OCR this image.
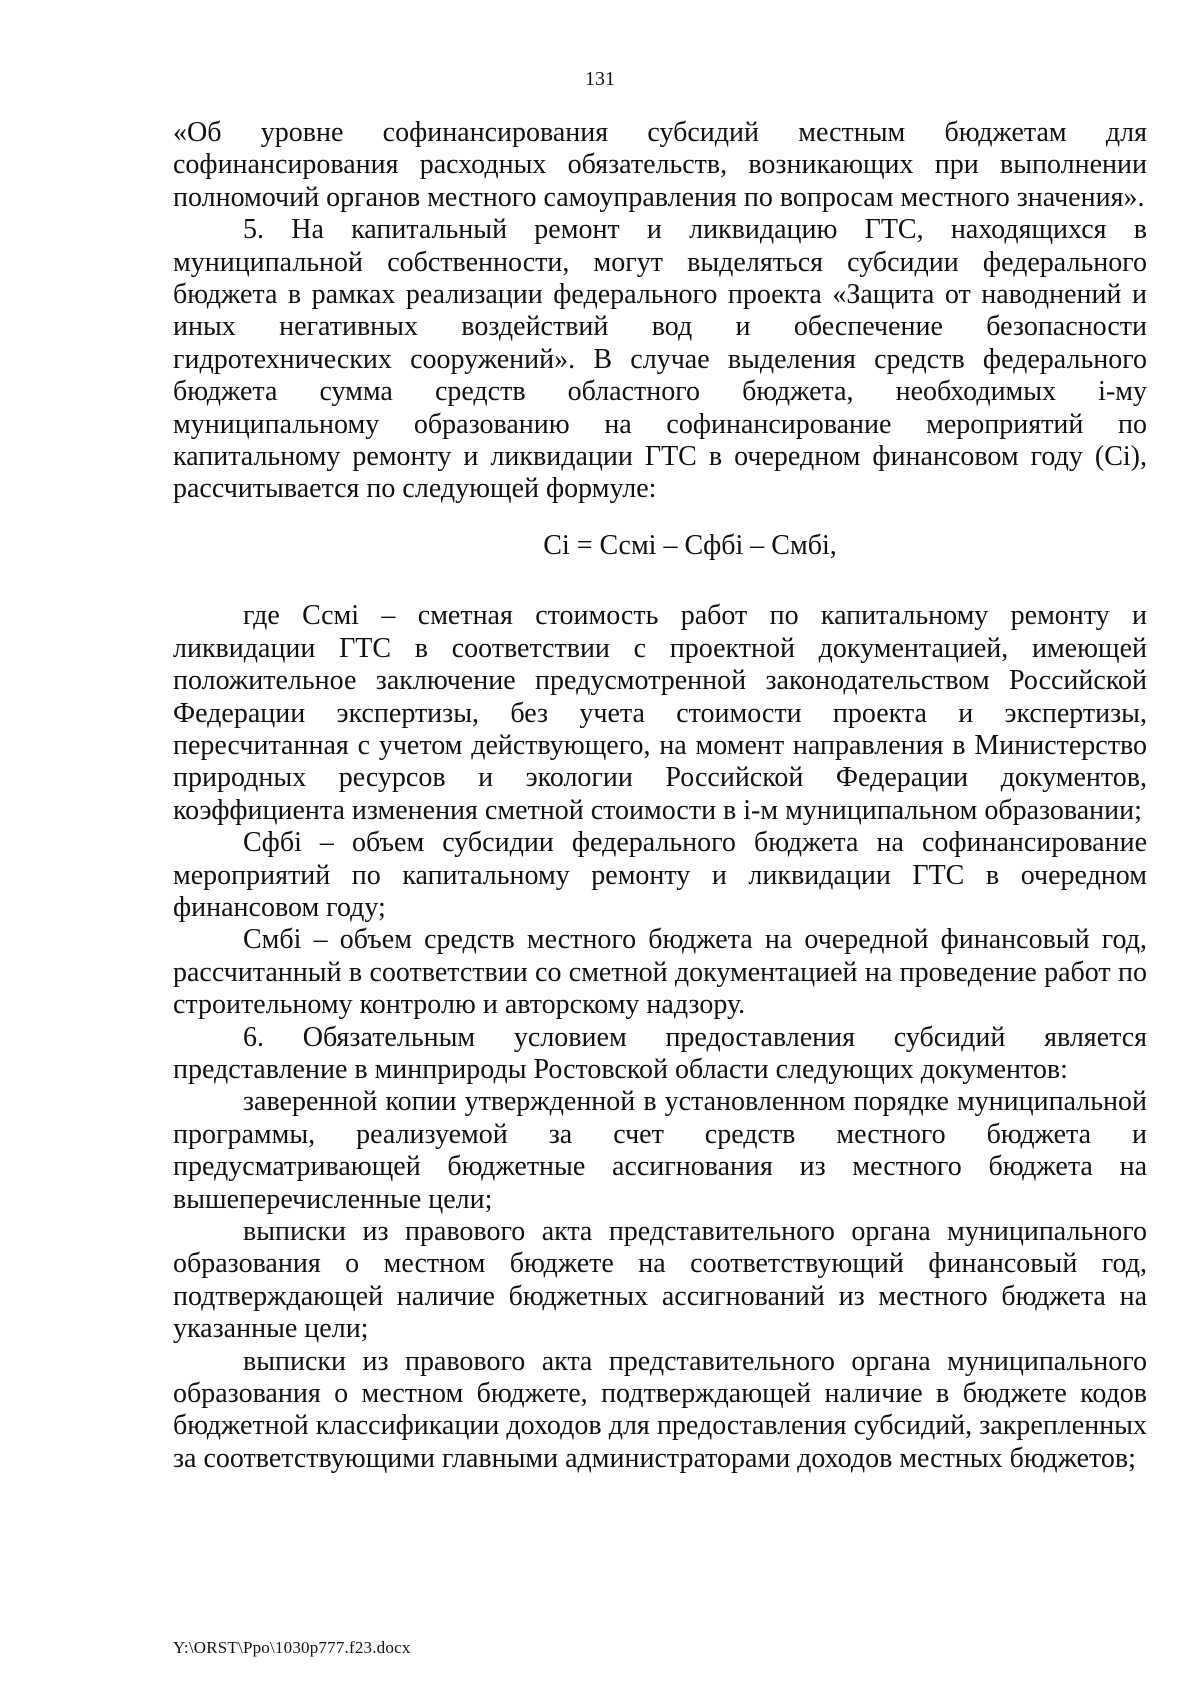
131

«Об уровне софинансирования субсидий местным бюджетам для софинансирования расходных обязательств, возникающих при выполнении полномочий органов местного самоуправления по вопросам местного значения».

5. На капитальный ремонт и ликвидацию ГТС, находящихся в муниципальной собственности, могут выделяться субсидии федерального бюджета в рамках реализации федерального проекта «Защита от наводнений и иных негативных воздействий вод и обеспечение безопасности гидротехнических сооружений». В случае выделения средств федерального бюджета сумма средств областного бюджета, необходимых i-му муниципальному образованию на софинансирование мероприятий по капитальному ремонту и ликвидации ГТС в очередном финансовом году (Сi), рассчитывается по следующей формуле:

Сi = Ссмi – Сфбi – Смбi,

где Ссмi – сметная стоимость работ по капитальному ремонту и ликвидации ГТС в соответствии с проектной документацией, имеющей положительное заключение предусмотренной законодательством Российской Федерации экспертизы, без учета стоимости проекта и экспертизы, пересчитанная с учетом действующего, на момент направления в Министерство природных ресурсов и экологии Российской Федерации документов, коэффициента изменения сметной стоимости в i-м муниципальном образовании;

Сфбi – объем субсидии федерального бюджета на софинансирование мероприятий по капитальному ремонту и ликвидации ГТС в очередном финансовом году;

Смбi – объем средств местного бюджета на очередной финансовый год, рассчитанный в соответствии со сметной документацией на проведение работ по строительному контролю и авторскому надзору.

6. Обязательным условием предоставления субсидий является представление в минприроды Ростовской области следующих документов:

заверенной копии утвержденной в установленном порядке муниципальной программы, реализуемой за счет средств местного бюджета и предусматривающей бюджетные ассигнования из местного бюджета на вышеперечисленные цели;

выписки из правового акта представительного органа муниципального образования о местном бюджете на соответствующий финансовый год, подтверждающей наличие бюджетных ассигнований из местного бюджета на указанные цели;

выписки из правового акта представительного органа муниципального образования о местном бюджете, подтверждающей наличие в бюджете кодов бюджетной классификации доходов для предоставления субсидий, закрепленных за соответствующими главными администраторами доходов местных бюджетов;

Y:\ORST\Ppo\1030p777.f23.docx
